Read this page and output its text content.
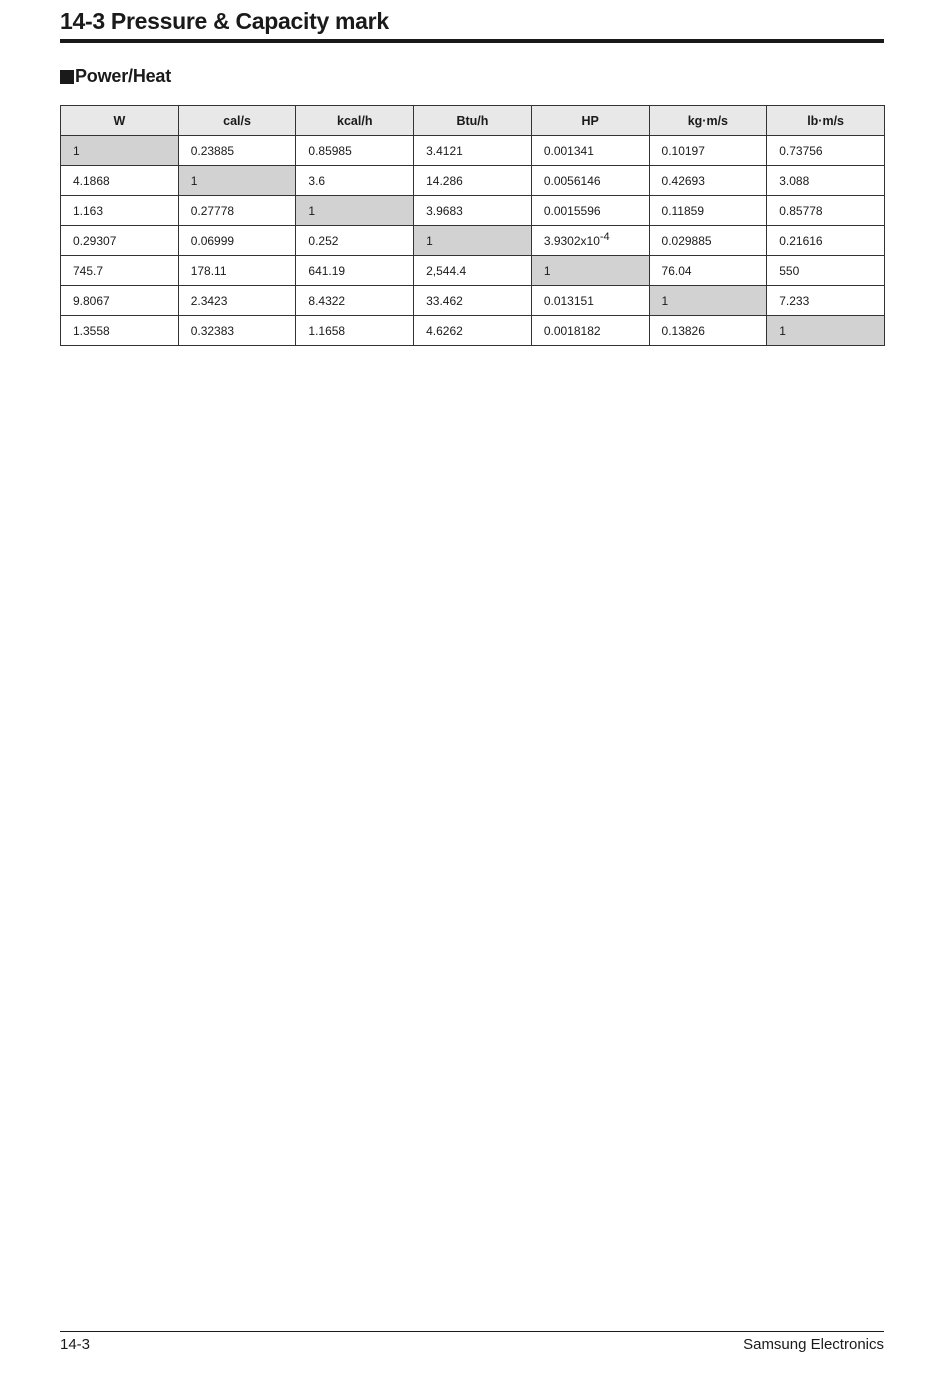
14-3 Pressure & Capacity mark
Power/Heat
W	cal/s	kcal/h	Btu/h	HP	kg·m/s	lb·m/s
1	0.23885	0.85985	3.4121	0.001341	0.10197	0.73756
4.1868	1	3.6	14.286	0.0056146	0.42693	3.088
1.163	0.27778	1	3.9683	0.0015596	0.11859	0.85778
0.29307	0.06999	0.252	1	3.9302x10-4	0.029885	0.21616
745.7	178.11	641.19	2,544.4	1	76.04	550
9.8067	2.3423	8.4322	33.462	0.013151	1	7.233
1.3558	0.32383	1.1658	4.6262	0.0018182	0.13826	1
14-3	Samsung Electronics
